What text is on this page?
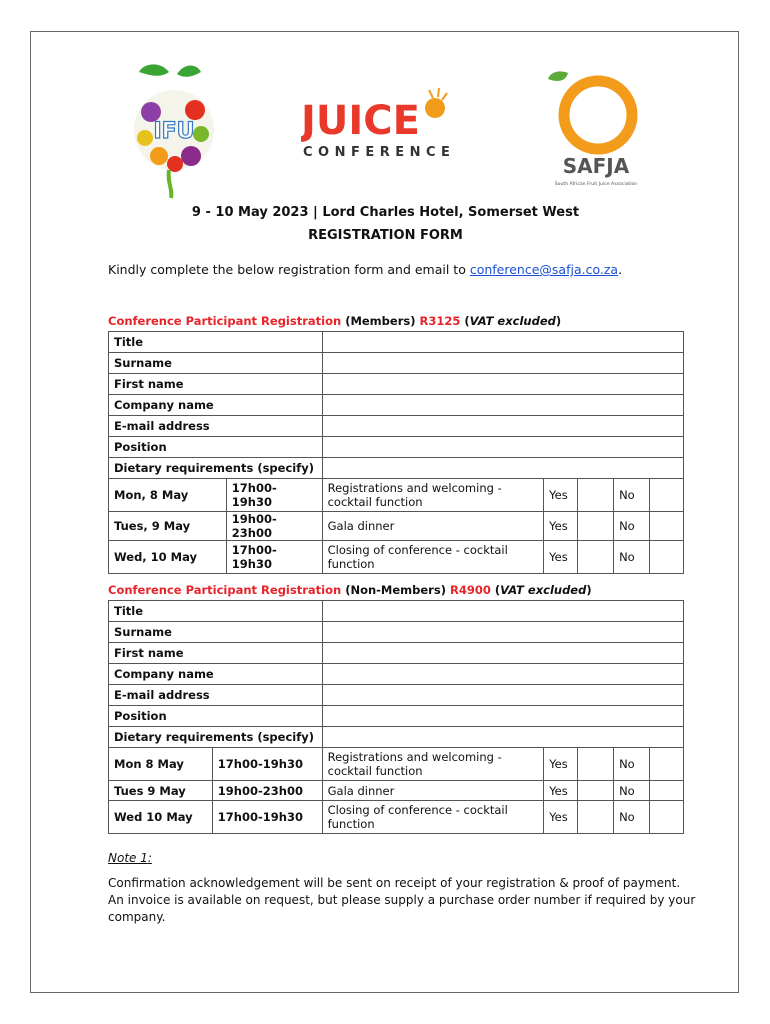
IFU	JUICE
CONFERENCE
SAFJA
South African Fruit Juice Association
9 - 10 May 2023 | Lord Charles Hotel, Somerset West
REGISTRATION FORM
Kindly complete the below registration form and email to conference@safja.co.za.
Conference Participant Registration (Members) R3125 (VAT excluded)
Title						
Surname						
First name						
Company name						
E-mail address						
Position						
Dietary requirements (specify)						
Mon, 8 May	17h00-19h30	Registrations and welcoming - cocktail function	Yes		No	
Tues, 9 May	19h00-23h00	Gala dinner	Yes		No	
Wed, 10 May	17h00-19h30	Closing of conference - cocktail function	Yes		No	
Conference Participant Registration (Non-Members) R4900 (VAT excluded)
Title						
Surname						
First name						
Company name						
E-mail address						
Position						
Dietary requirements (specify)						
Mon 8 May	17h00-19h30	Registrations and welcoming - cocktail function	Yes		No	
Tues 9 May	19h00-23h00	Gala dinner	Yes		No	
Wed 10 May	17h00-19h30	Closing of conference - cocktail function	Yes		No	
Note 1:
Confirmation acknowledgement will be sent on receipt of your registration & proof of payment. An invoice is available on request, but please supply a purchase order number if required by your company.
